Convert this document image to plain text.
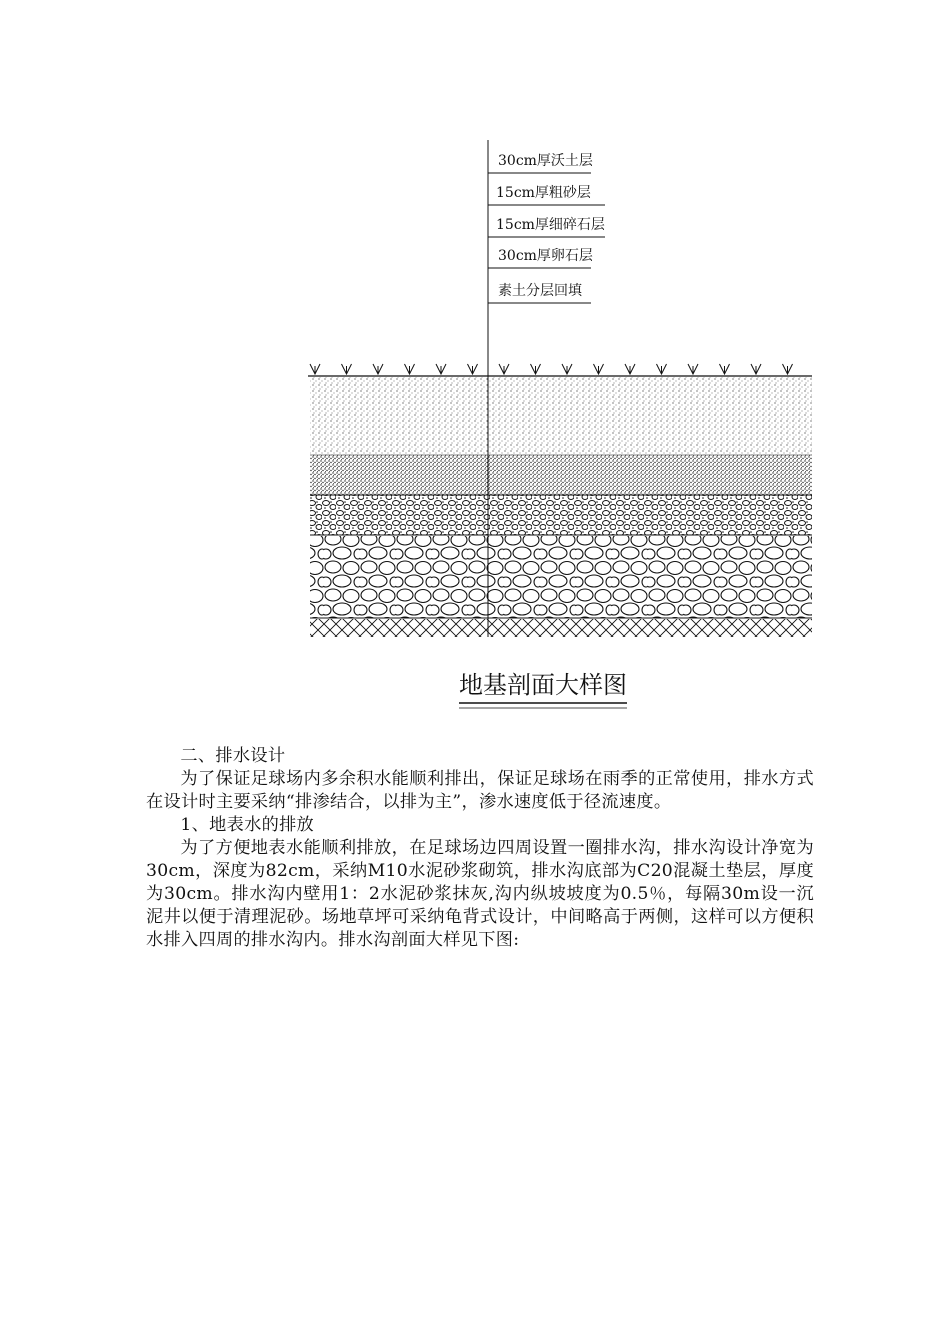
30cm厚沃土层
15cm厚粗砂层
15cm厚细碎石层
30cm厚卵石层
素土分层回填
地基剖面大样图

二、排水设计

为了保证足球场内多余积水能顺利排出，保证足球场在雨季的正常使用，排水方式在设计时主要采纳“排渗结合，以排为主”，渗水速度低于径流速度。

1、地表水的排放

为了方便地表水能顺利排放，在足球场边四周设置一圈排水沟，排水沟设计净宽为30cm，深度为82cm，采纳M10水泥砂浆砌筑，排水沟底部为C20混凝土垫层，厚度为30cm。排水沟内壁用1：2水泥砂浆抹灰,沟内纵坡坡度为0.5％，每隔30m设一沉泥井以便于清理泥砂。场地草坪可采纳龟背式设计，中间略高于两侧，这样可以方便积水排入四周的排水沟内。排水沟剖面大样见下图:
